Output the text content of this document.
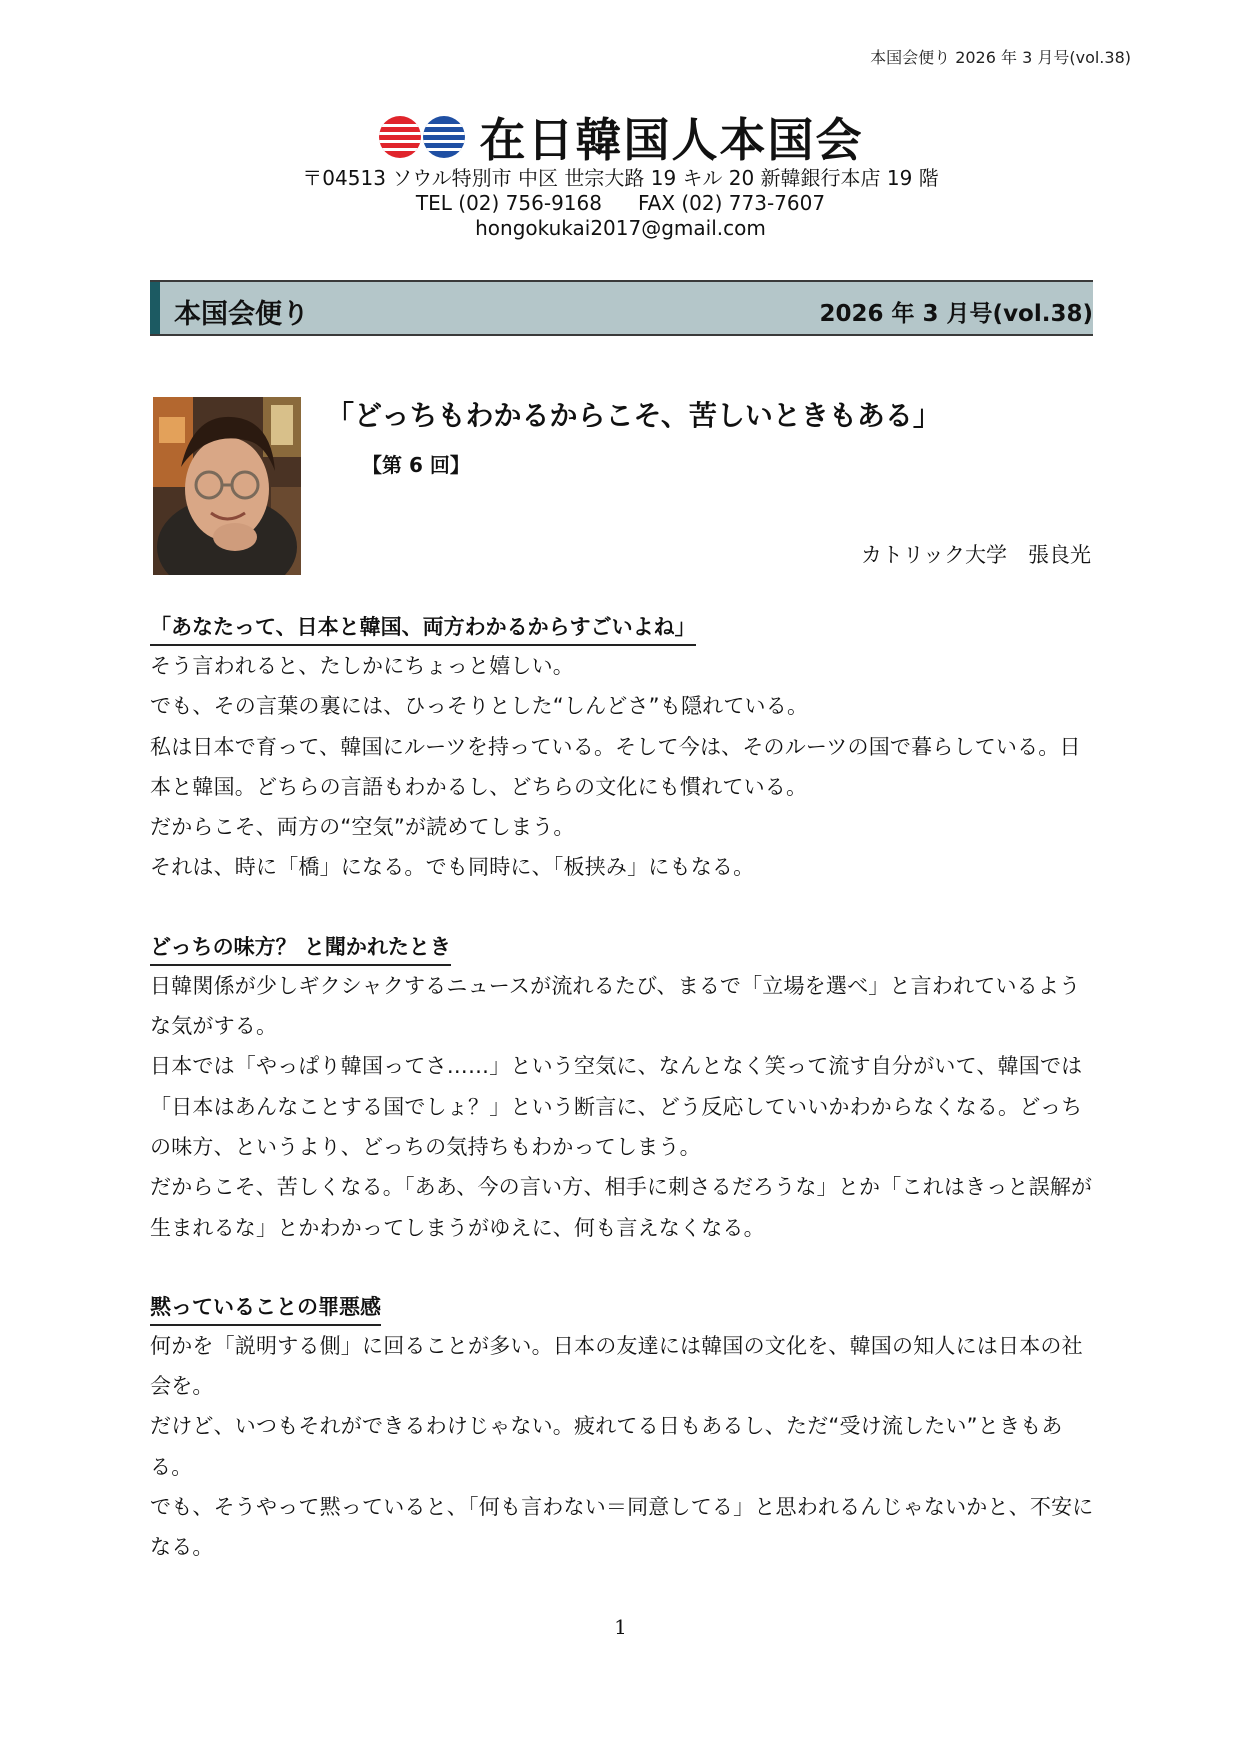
本国会便り 2026 年 3 月号(vol.38)
在日韓国人本国会
〒04513 ソウル特別市 中区 世宗大路 19 キル 20 新韓銀行本店 19 階
TEL (02) 756-9168 FAX (02) 773-7607
hongokukai2017@gmail.com
本国会便り	2026 年 3 月号(vol.38)
「どっちもわかるからこそ、苦しいときもある」
【第 6 回】
カトリック大学　張良光
「あなたって、日本と韓国、両方わかるからすごいよね」

そう言われると、たしかにちょっと嬉しい。
でも、その言葉の裏には、ひっそりとした“しんどさ”も隠れている。
私は日本で育って、韓国にルーツを持っている。そして今は、そのルーツの国で暮らしている。日本と韓国。どちらの言語もわかるし、どちらの文化にも慣れている。
だからこそ、両方の“空気”が読めてしまう。
それは、時に「橋」になる。でも同時に、「板挟み」にもなる。

どっちの味方？ と聞かれたとき

日韓関係が少しギクシャクするニュースが流れるたび、まるで「立場を選べ」と言われているような気がする。
日本では「やっぱり韓国ってさ……」という空気に、なんとなく笑って流す自分がいて、韓国では「日本はあんなことする国でしょ？」という断言に、どう反応していいかわからなくなる。どっちの味方、というより、どっちの気持ちもわかってしまう。
だからこそ、苦しくなる。「ああ、今の言い方、相手に刺さるだろうな」とか「これはきっと誤解が生まれるな」とかわかってしまうがゆえに、何も言えなくなる。

黙っていることの罪悪感

何かを「説明する側」に回ることが多い。日本の友達には韓国の文化を、韓国の知人には日本の社会を。
だけど、いつもそれができるわけじゃない。疲れてる日もあるし、ただ“受け流したい”ときもある。
でも、そうやって黙っていると、「何も言わない＝同意してる」と思われるんじゃないかと、不安になる。

1
